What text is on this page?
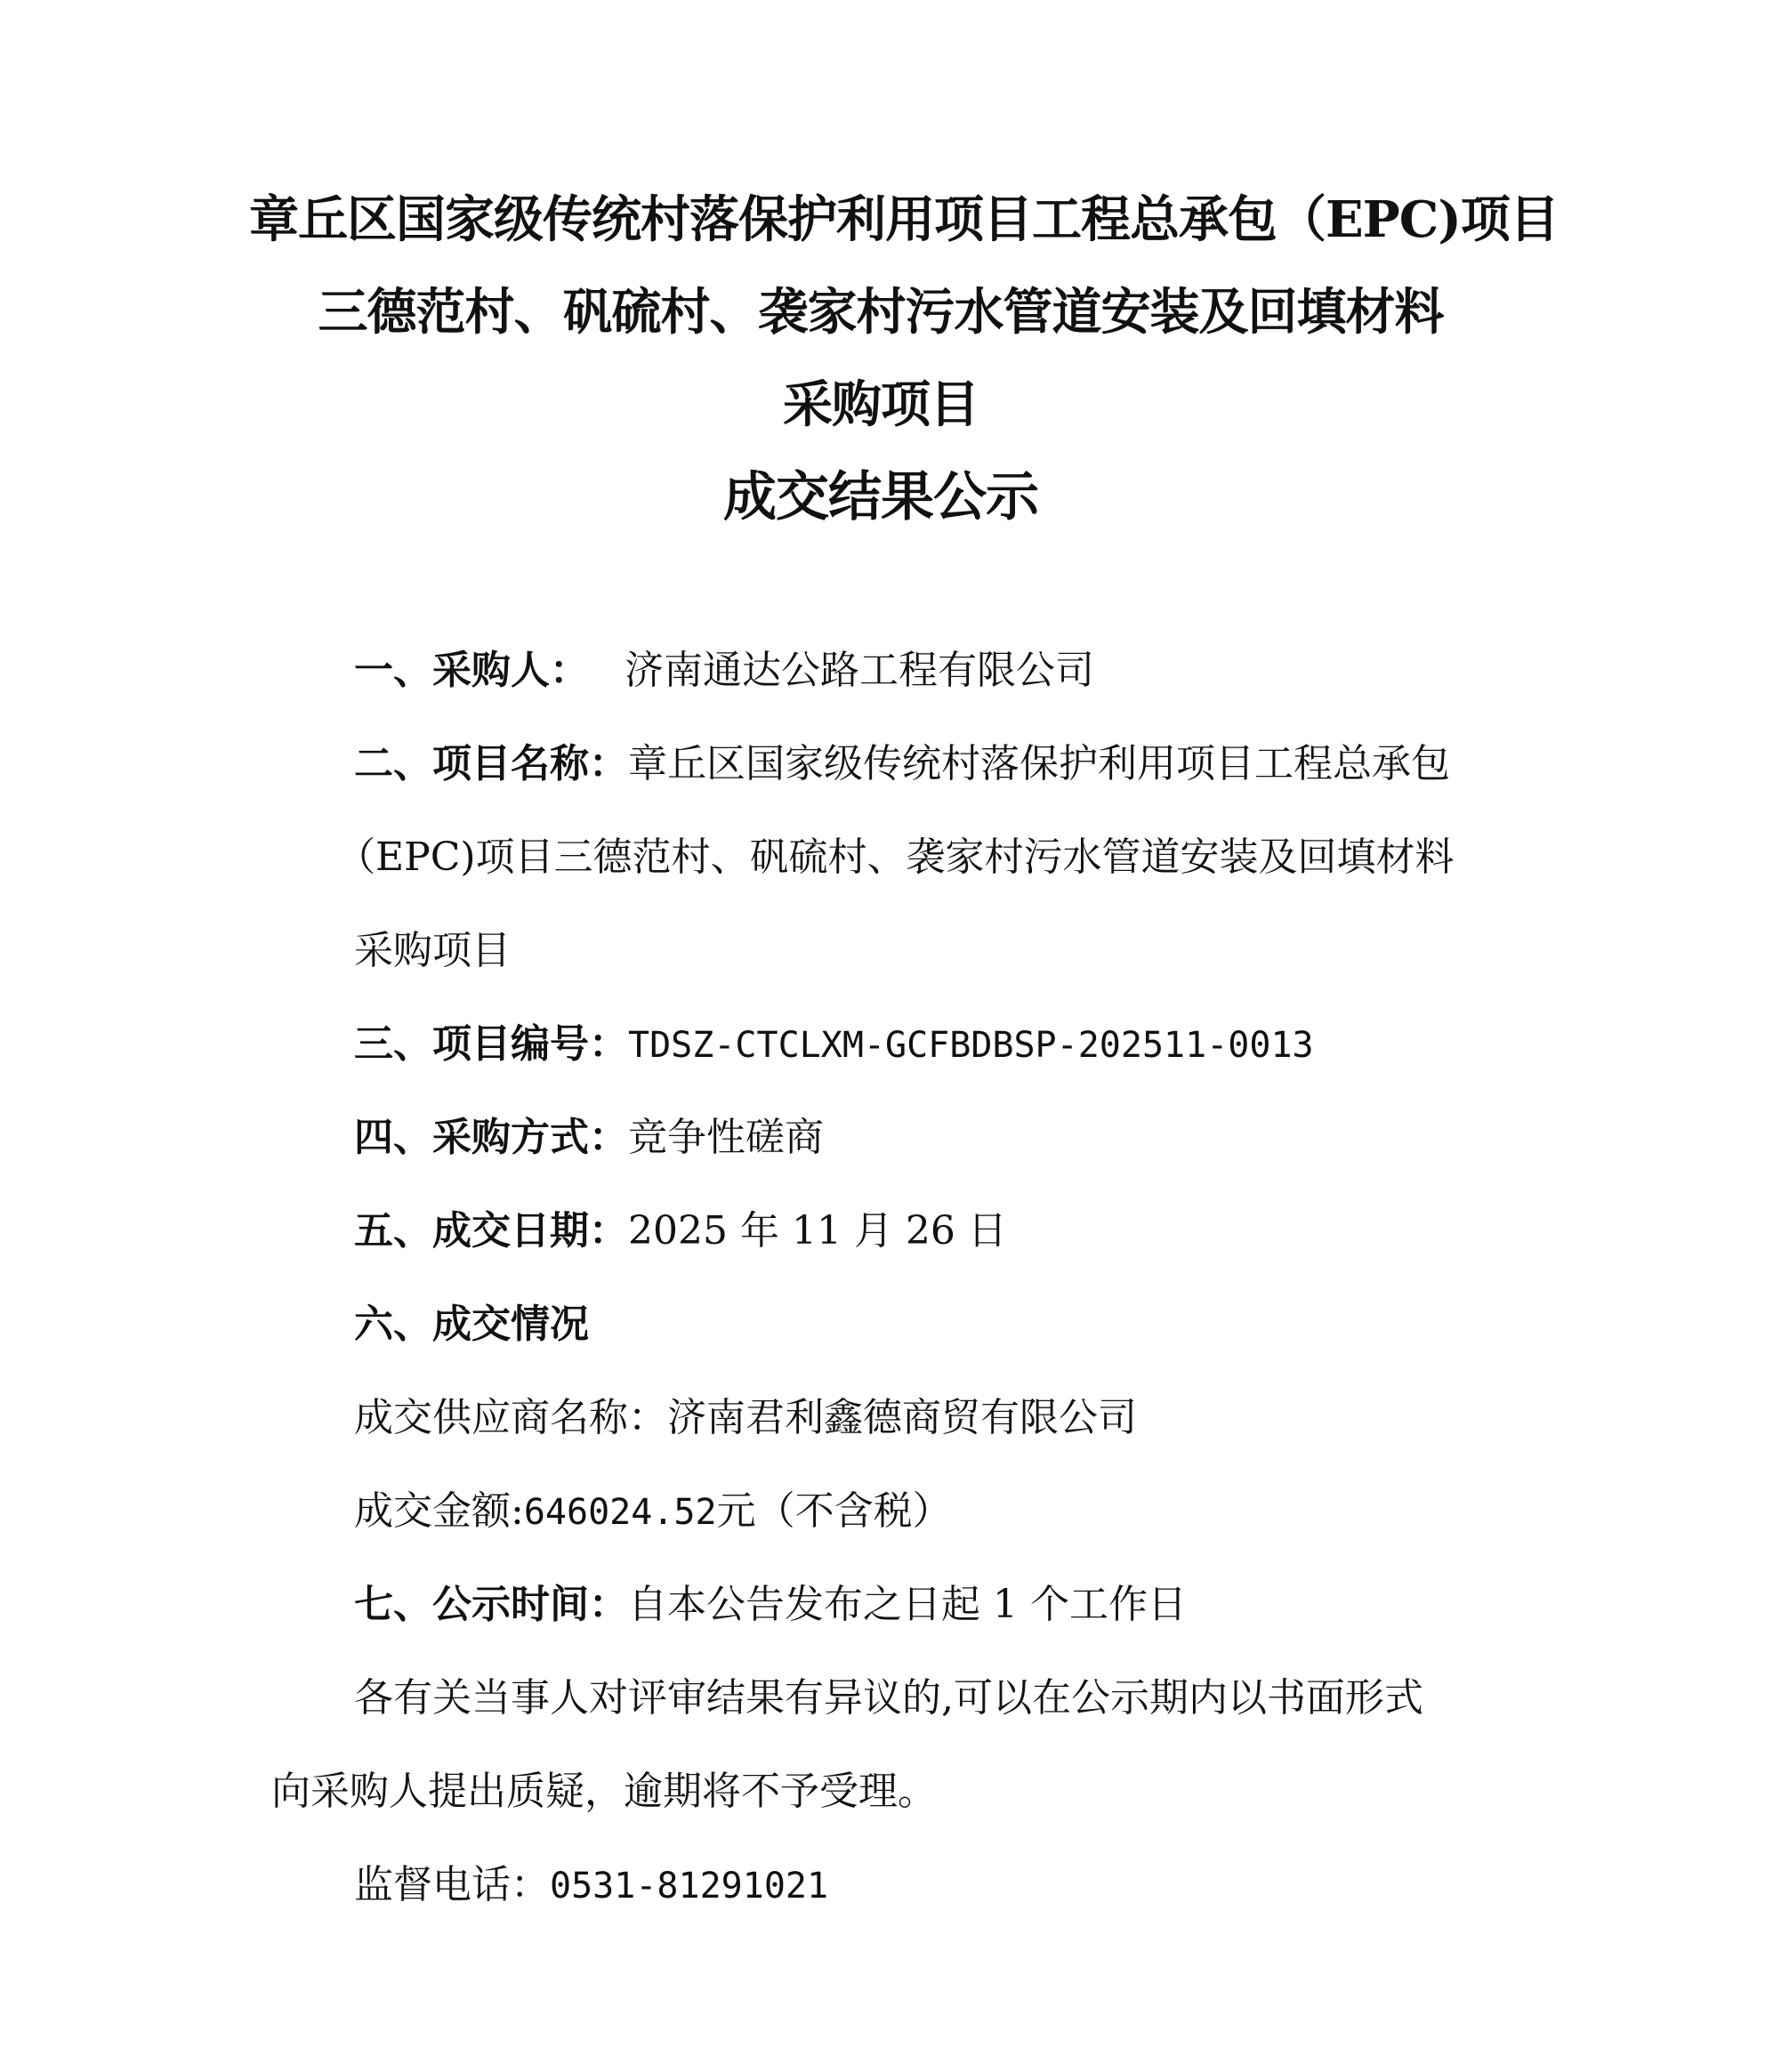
章丘区国家级传统村落保护利用项目工程总承包（EPC)项目
三德范村、矾硫村、袭家村污水管道安装及回填材料
采购项目
成交结果公示
一、采购人： 济南通达公路工程有限公司
二、项目名称：章丘区国家级传统村落保护利用项目工程总承包
（EPC)项目三德范村、矾硫村、袭家村污水管道安装及回填材料
采购项目
三、项目编号：TDSZ-CTCLXM-GCFBDBSP-202511-0013
四、采购方式：竞争性磋商
五、成交日期：2025 年 11 月 26 日
六、成交情况
成交供应商名称：济南君利鑫德商贸有限公司
成交金额:646024.52元（不含税）
七、公示时间：自本公告发布之日起 1 个工作日
各有关当事人对评审结果有异议的,可以在公示期内以书面形式
向采购人提出质疑，逾期将不予受理。
监督电话：0531-81291021
